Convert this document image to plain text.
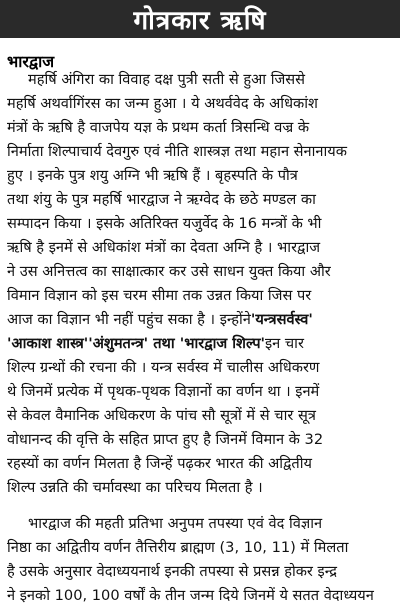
गोत्रकार ऋषि
भारद्वाज
महर्षि अंगिरा का विवाह दक्ष पुत्री सती से हुआ जिससे
महर्षि अथर्वागिंरस का जन्म हुआ । ये अथर्ववेद के अधिकांश
मंत्रों के ऋषि है वाजपेय यज्ञ के प्रथम कर्ता त्रिसन्धि वज्र के
निर्माता शिल्पाचार्य देवगुरु एवं नीति शास्त्रज्ञ तथा महान सेनानायक
हुए । इनके पुत्र शयु अग्नि भी ऋषि हैं । बृहस्पति के पौत्र
तथा शंयु के पुत्र महर्षि भारद्वाज ने ऋग्वेद के छठे मण्डल का
सम्पादन किया । इसके अतिरिक्त यजुर्वेद के 16 मन्त्रों के भी
ऋषि है इनमें से अधिकांश मंत्रों का देवता अग्नि है । भारद्वाज
ने उस अनित्तत्व का साक्षात्कार कर उसे साधन युक्त किया और
विमान विज्ञान को इस चरम सीमा तक उन्नत किया जिस पर
आज का विज्ञान भी नहीं पहुंच सका है । इन्होंने'यन्त्रसर्वस्व'
'आकाश शास्त्र''अंशुमतन्त्र' तथा 'भारद्वाज शिल्प'इन चार
शिल्प ग्रन्थों की रचना की । यन्त्र सर्वस्व में चालीस अधिकरण
थे जिनमें प्रत्येक में पृथक-पृथक विज्ञानों का वर्णन था । इनमें
से केवल वैमानिक अधिकरण के पांच सौ सूत्रों में से चार सूत्र
वोधानन्द की वृत्ति के सहित प्राप्त हुए है जिनमें विमान के 32
रहस्यों का वर्णन मिलता है जिन्हें पढ़कर भारत की अद्वितीय
शिल्प उन्नति की चर्मावस्था का परिचय मिलता है ।
भारद्वाज की महती प्रतिभा अनुपम तपस्या एवं वेद विज्ञान
निष्ठा का अद्वितीय वर्णन तैत्तिरीय ब्राह्मण (3, 10, 11) में मिलता
है उसके अनुसार वेदाध्ययनार्थ इनकी तपस्या से प्रसन्न होकर इन्द्र
ने इनको 100, 100 वर्षों के तीन जन्म दिये जिनमें ये सतत वेदाध्ययन
